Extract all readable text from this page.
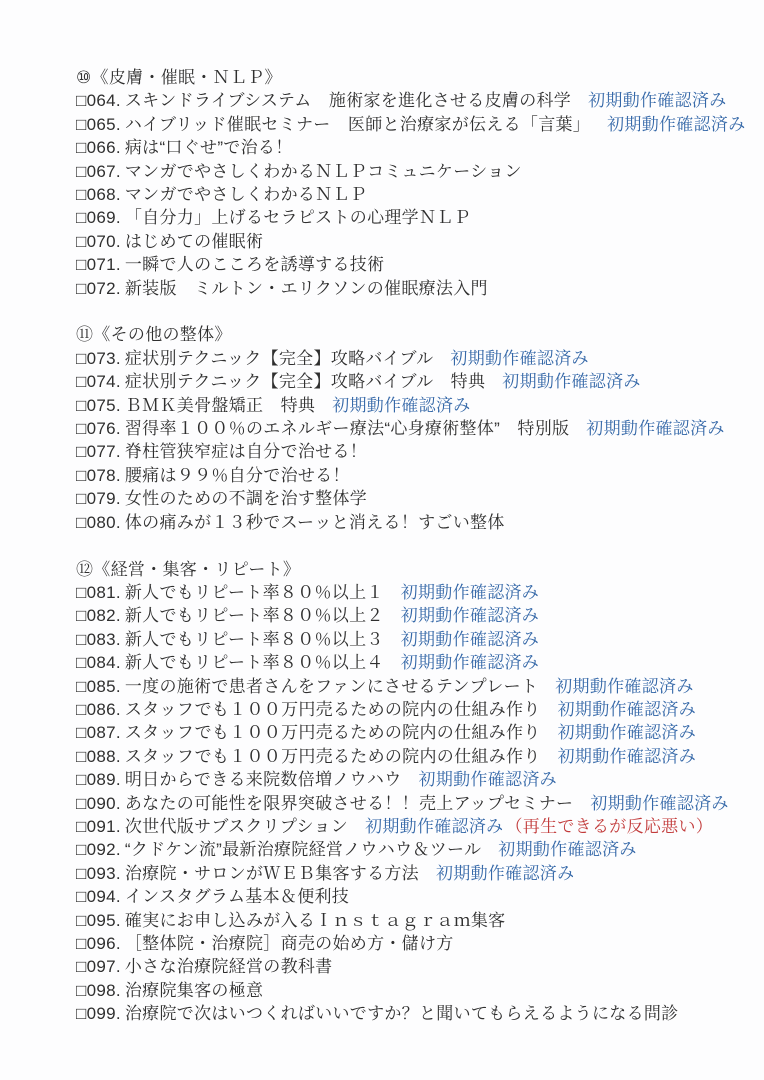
⑩《皮膚・催眠・ＮＬＰ》
□064. スキンドライブシステム　施術家を進化させる皮膚の科学 初期動作確認済み
□065. ハイブリッド催眠セミナー　医師と治療家が伝える「言葉」 初期動作確認済み
□066. 病は“口ぐせ”で治る！
□067. マンガでやさしくわかるＮＬＰコミュニケーション
□068. マンガでやさしくわかるＮＬＰ
□069. 「自分力」上げるセラピストの心理学ＮＬＰ
□070. はじめての催眠術
□071. 一瞬で人のこころを誘導する技術
□072. 新装版　ミルトン・エリクソンの催眠療法入門
⑪《その他の整体》
□073. 症状別テクニック【完全】攻略バイブル 初期動作確認済み
□074. 症状別テクニック【完全】攻略バイブル　特典 初期動作確認済み
□075. ＢＭＫ美骨盤矯正　特典 初期動作確認済み
□076. 習得率１００％のエネルギー療法“心身療術整体”　特別版 初期動作確認済み
□077. 脊柱管狭窄症は自分で治せる！
□078. 腰痛は９９％自分で治せる！
□079. 女性のための不調を治す整体学
□080. 体の痛みが１３秒でスーッと消える！すごい整体
⑫《経営・集客・リピート》
□081. 新人でもリピート率８０％以上１ 初期動作確認済み
□082. 新人でもリピート率８０％以上２ 初期動作確認済み
□083. 新人でもリピート率８０％以上３ 初期動作確認済み
□084. 新人でもリピート率８０％以上４ 初期動作確認済み
□085. 一度の施術で患者さんをファンにさせるテンプレート 初期動作確認済み
□086. スタッフでも１００万円売るための院内の仕組み作り 初期動作確認済み
□087. スタッフでも１００万円売るための院内の仕組み作り 初期動作確認済み
□088. スタッフでも１００万円売るための院内の仕組み作り 初期動作確認済み
□089. 明日からできる来院数倍増ノウハウ 初期動作確認済み
□090. あなたの可能性を限界突破させる！！売上アップセミナー 初期動作確認済み
□091. 次世代版サブスクリプション 初期動作確認済み （再生できるが反応悪い）
□092. “クドケン流”最新治療院経営ノウハウ＆ツール 初期動作確認済み
□093. 治療院・サロンがＷＥＢ集客する方法 初期動作確認済み
□094. インスタグラム基本＆便利技
□095. 確実にお申し込みが入るＩｎｓｔａｇｒａｍ集客
□096. ［整体院・治療院］商売の始め方・儲け方
□097. 小さな治療院経営の教科書
□098. 治療院集客の極意
□099. 治療院で次はいつくればいいですか？と聞いてもらえるようになる問診
